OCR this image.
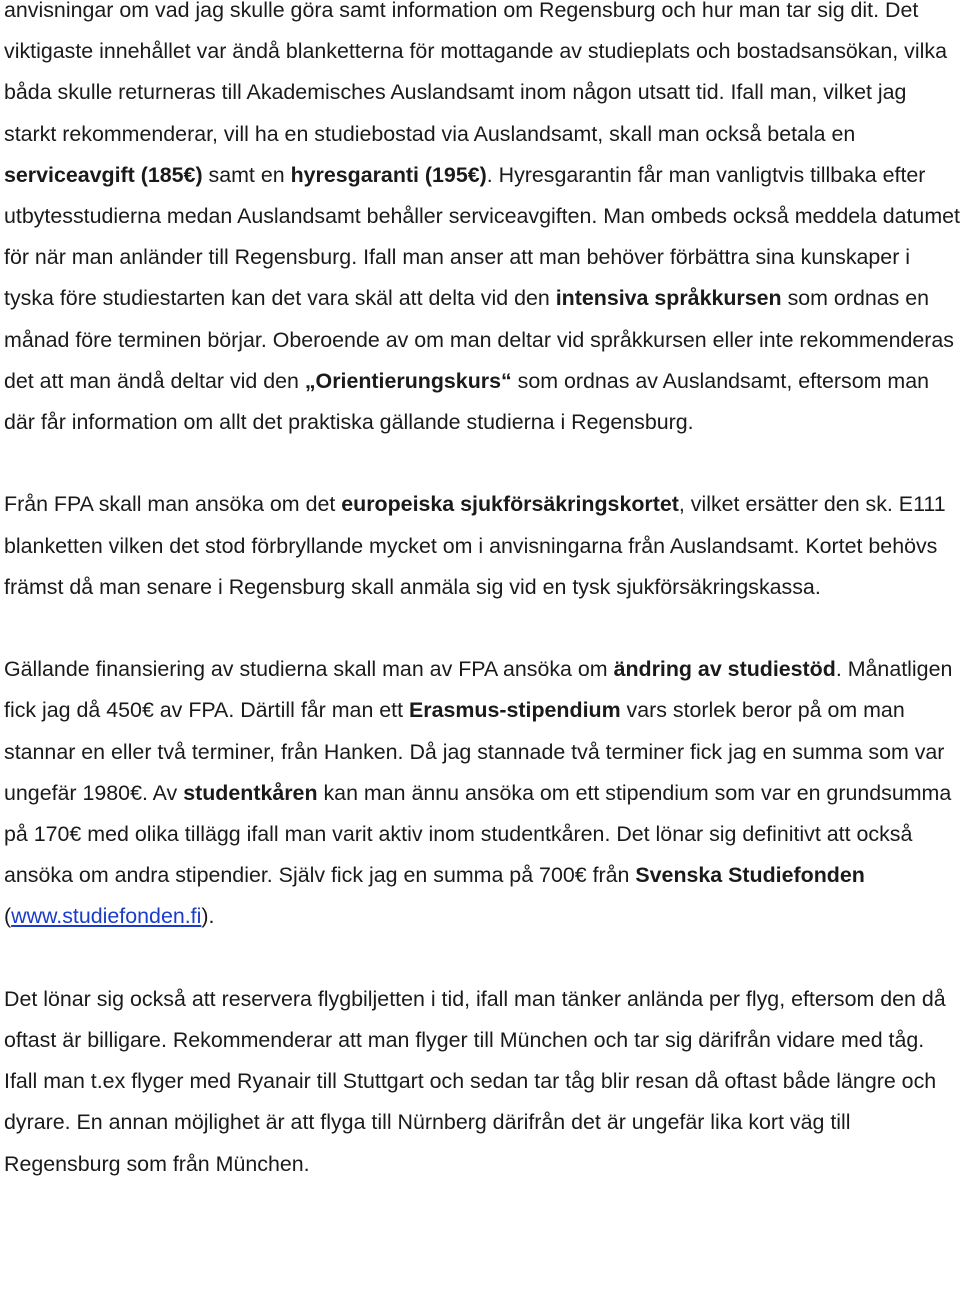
anvisningar om vad jag skulle göra samt information om Regensburg och hur man tar sig dit. Det viktigaste innehållet var ändå blanketterna för mottagande av studieplats och bostadsansökan, vilka båda skulle returneras till Akademisches Auslandsamt inom någon utsatt tid. Ifall man, vilket jag starkt rekommenderar, vill ha en studiebostad via Auslandsamt, skall man också betala en serviceavgift (185€) samt en hyresgaranti (195€). Hyresgarantin får man vanligtvis tillbaka efter utbytesstudierna medan Auslandsamt behåller serviceavgiften. Man ombeds också meddela datumet för när man anländer till Regensburg. Ifall man anser att man behöver förbättra sina kunskaper i tyska före studiestarten kan det vara skäl att delta vid den intensiva språkkursen som ordnas en månad före terminen börjar. Oberoende av om man deltar vid språkkursen eller inte rekommenderas det att man ändå deltar vid den „Orientierungskurs“ som ordnas av Auslandsamt, eftersom man där får information om allt det praktiska gällande studierna i Regensburg.

Från FPA skall man ansöka om det europeiska sjukförsäkringskortet, vilket ersätter den sk. E111 blanketten vilken det stod förbryllande mycket om i anvisningarna från Auslandsamt. Kortet behövs främst då man senare i Regensburg skall anmäla sig vid en tysk sjukförsäkringskassa.

Gällande finansiering av studierna skall man av FPA ansöka om ändring av studiestöd. Månatligen fick jag då 450€ av FPA. Därtill får man ett Erasmus-stipendium vars storlek beror på om man stannar en eller två terminer, från Hanken. Då jag stannade två terminer fick jag en summa som var ungefär 1980€. Av studentkåren kan man ännu ansöka om ett stipendium som var en grundsumma på 170€ med olika tillägg ifall man varit aktiv inom studentkåren. Det lönar sig definitivt att också ansöka om andra stipendier. Själv fick jag en summa på 700€ från Svenska Studiefonden (www.studiefonden.fi).

Det lönar sig också att reservera flygbiljetten i tid, ifall man tänker anlända per flyg, eftersom den då oftast är billigare. Rekommenderar att man flyger till München och tar sig därifrån vidare med tåg. Ifall man t.ex flyger med Ryanair till Stuttgart och sedan tar tåg blir resan då oftast både längre och dyrare. En annan möjlighet är att flyga till Nürnberg därifrån det är ungefär lika kort väg till Regensburg som från München.
